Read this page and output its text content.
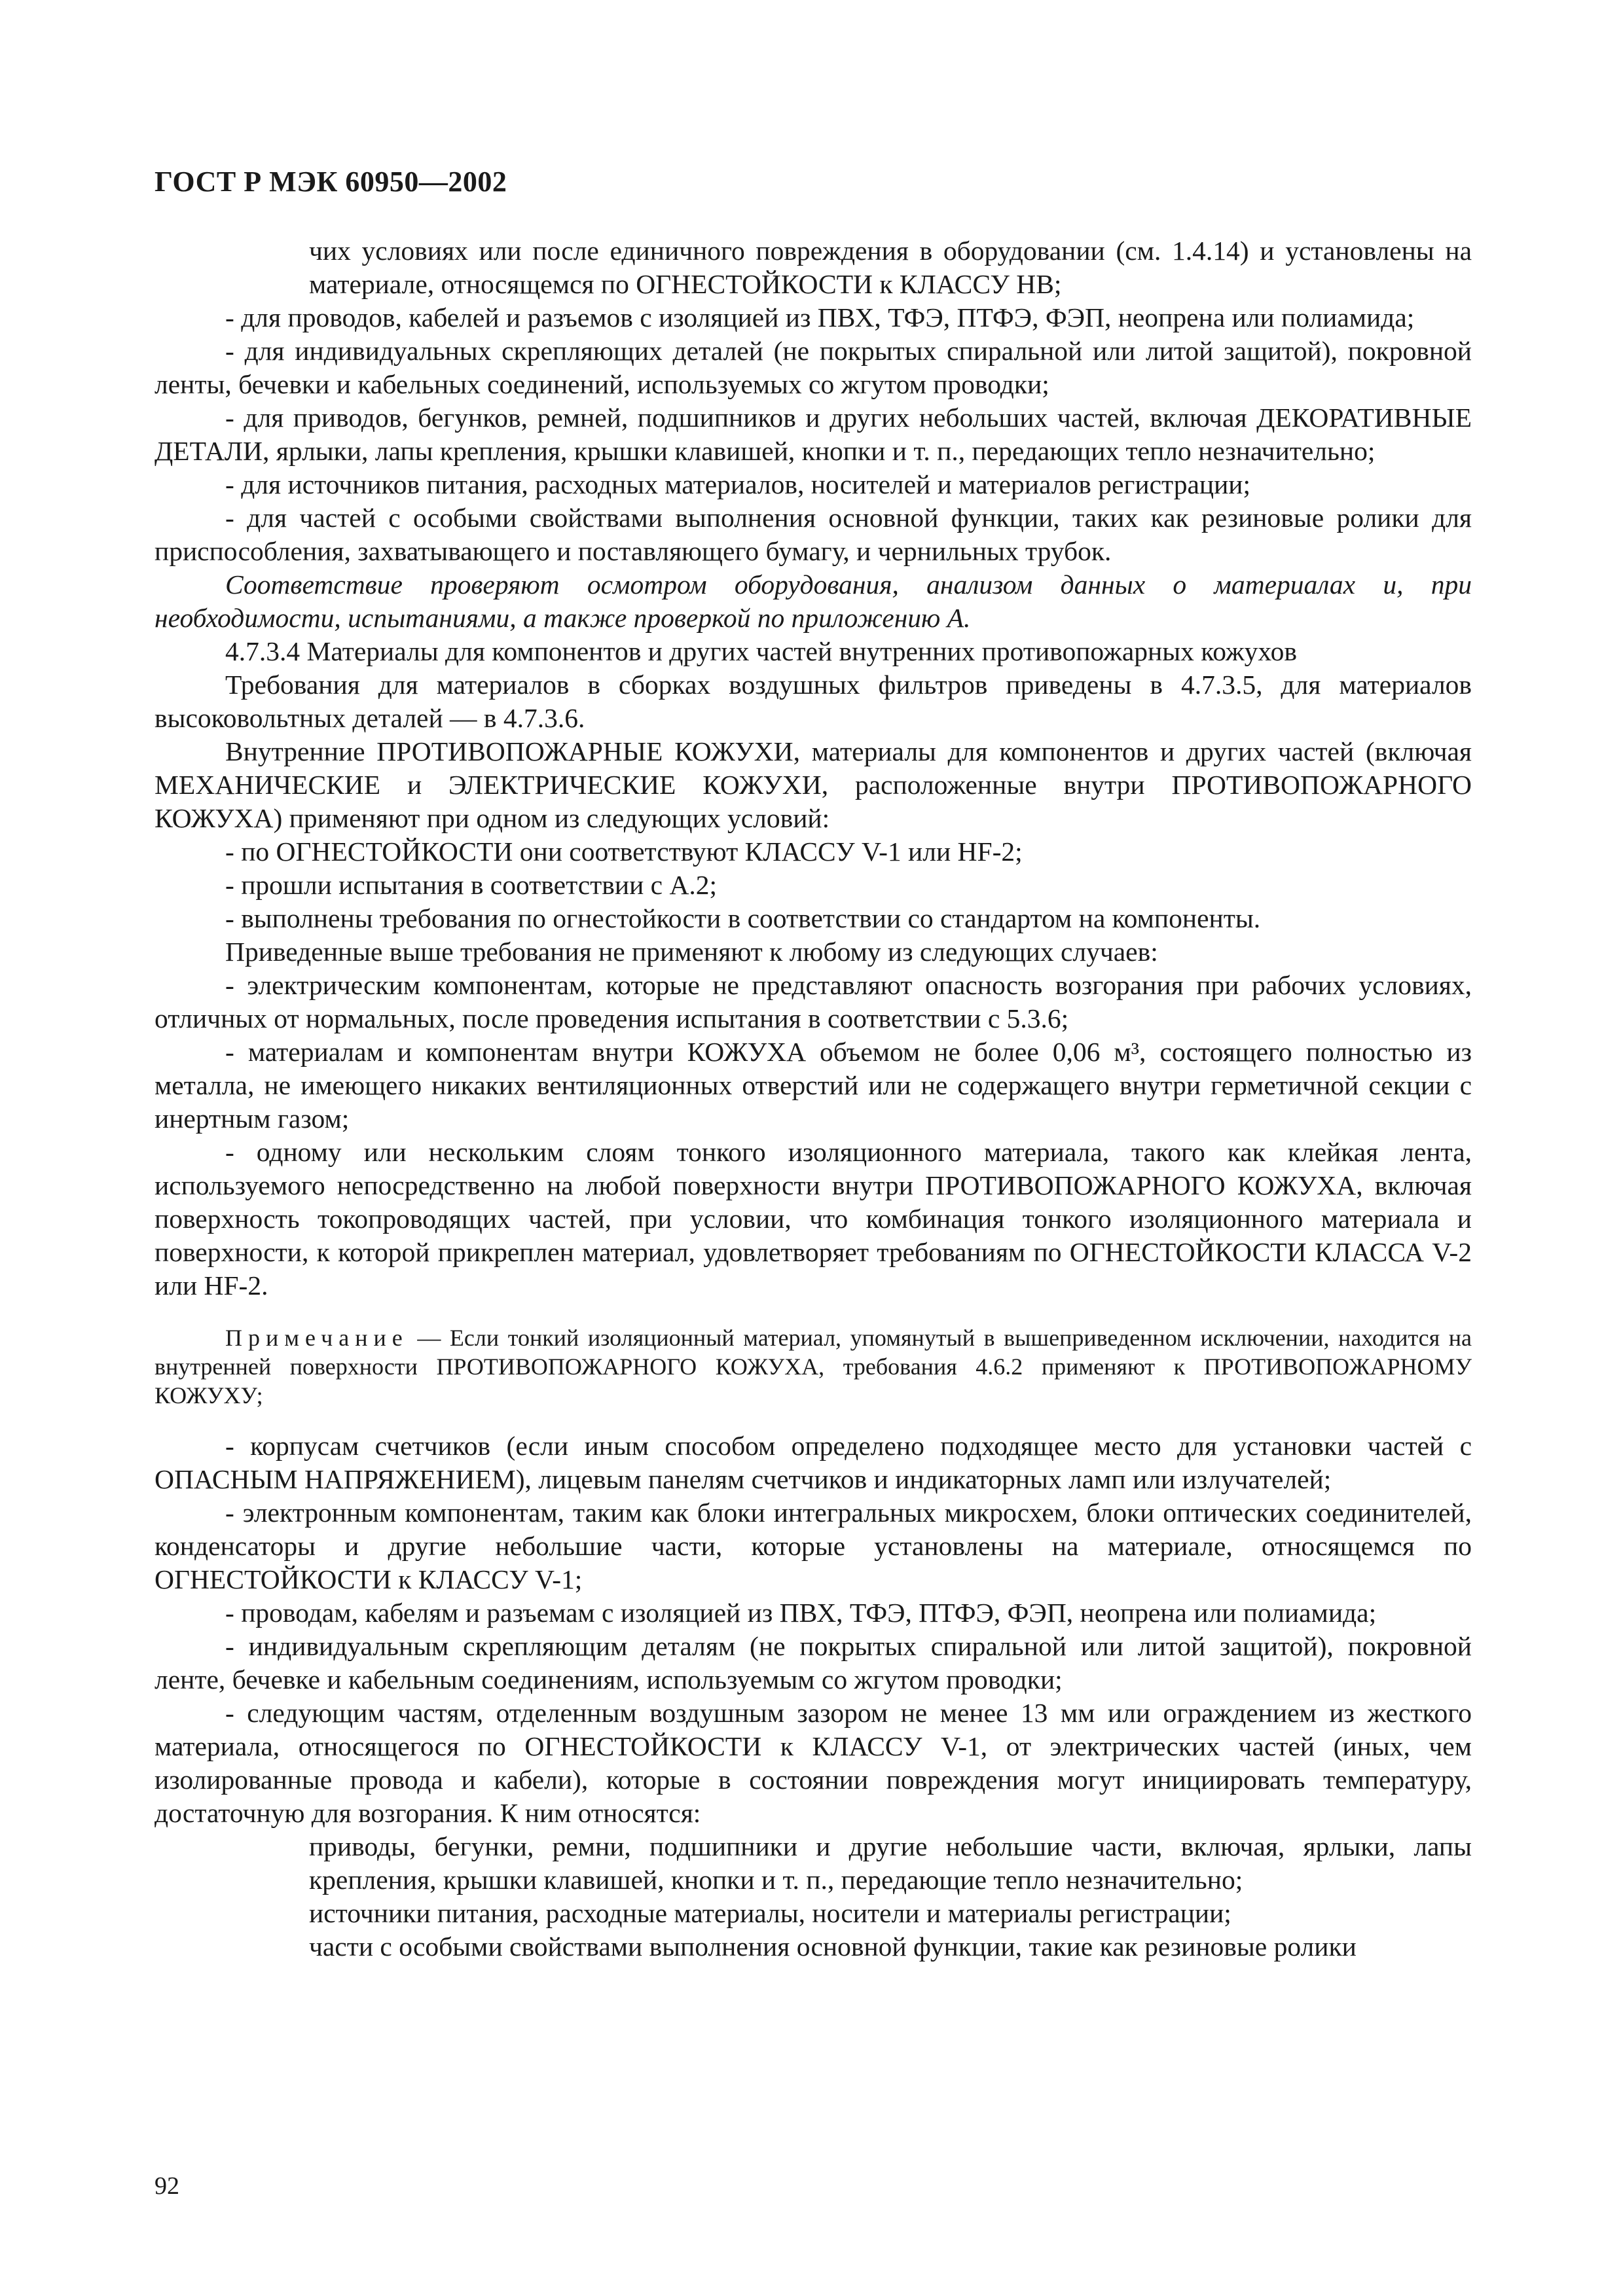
ГОСТ Р МЭК 60950—2002

чих условиях или после единичного повреждения в оборудовании (см. 1.4.14) и установлены на материале, относящемся по ОГНЕСТОЙКОСТИ к КЛАССУ НВ;

- для проводов, кабелей и разъемов с изоляцией из ПВХ, ТФЭ, ПТФЭ, ФЭП, неопрена или полиамида;

- для индивидуальных скрепляющих деталей (не покрытых спиральной или литой защитой), покровной ленты, бечевки и кабельных соединений, используемых со жгутом проводки;

- для приводов, бегунков, ремней, подшипников и других небольших частей, включая ДЕКОРАТИВНЫЕ ДЕТАЛИ, ярлыки, лапы крепления, крышки клавишей, кнопки и т. п., передающих тепло незначительно;

- для источников питания, расходных материалов, носителей и материалов регистрации;

- для частей с особыми свойствами выполнения основной функции, таких как резиновые ролики для приспособления, захватывающего и поставляющего бумагу, и чернильных трубок.

Соответствие проверяют осмотром оборудования, анализом данных о материалах и, при необходимости, испытаниями, а также проверкой по приложению А.

4.7.3.4 Материалы для компонентов и других частей внутренних противопожарных кожухов

Требования для материалов в сборках воздушных фильтров приведены в 4.7.3.5, для материалов высоковольтных деталей — в 4.7.3.6.

Внутренние ПРОТИВОПОЖАРНЫЕ КОЖУХИ, материалы для компонентов и других частей (включая МЕХАНИЧЕСКИЕ и ЭЛЕКТРИЧЕСКИЕ КОЖУХИ, расположенные внутри ПРОТИВОПОЖАРНОГО КОЖУХА) применяют при одном из следующих условий:

- по ОГНЕСТОЙКОСТИ они соответствуют КЛАССУ V-1 или HF-2;

- прошли испытания в соответствии с А.2;

- выполнены требования по огнестойкости в соответствии со стандартом на компоненты.

Приведенные выше требования не применяют к любому из следующих случаев:

- электрическим компонентам, которые не представляют опасность возгорания при рабочих условиях, отличных от нормальных, после проведения испытания в соответствии с 5.3.6;

- материалам и компонентам внутри КОЖУХА объемом не более 0,06 м³, состоящего полностью из металла, не имеющего никаких вентиляционных отверстий или не содержащего внутри герметичной секции с инертным газом;

- одному или нескольким слоям тонкого изоляционного материала, такого как клейкая лента, используемого непосредственно на любой поверхности внутри ПРОТИВОПОЖАРНОГО КОЖУХА, включая поверхность токопроводящих частей, при условии, что комбинация тонкого изоляционного материала и поверхности, к которой прикреплен материал, удовлетворяет требованиям по ОГНЕСТОЙКОСТИ КЛАССА V-2 или HF-2.

Примечание — Если тонкий изоляционный материал, упомянутый в вышеприведенном исключении, находится на внутренней поверхности ПРОТИВОПОЖАРНОГО КОЖУХА, требования 4.6.2 применяют к ПРОТИВОПОЖАРНОМУ КОЖУХУ;

- корпусам счетчиков (если иным способом определено подходящее место для установки частей с ОПАСНЫМ НАПРЯЖЕНИЕМ), лицевым панелям счетчиков и индикаторных ламп или излучателей;

- электронным компонентам, таким как блоки интегральных микросхем, блоки оптических соединителей, конденсаторы и другие небольшие части, которые установлены на материале, относящемся по ОГНЕСТОЙКОСТИ к КЛАССУ V-1;

- проводам, кабелям и разъемам с изоляцией из ПВХ, ТФЭ, ПТФЭ, ФЭП, неопрена или полиамида;

- индивидуальным скрепляющим деталям (не покрытых спиральной или литой защитой), покровной ленте, бечевке и кабельным соединениям, используемым со жгутом проводки;

- следующим частям, отделенным воздушным зазором не менее 13 мм или ограждением из жесткого материала, относящегося по ОГНЕСТОЙКОСТИ к КЛАССУ V-1, от электрических частей (иных, чем изолированные провода и кабели), которые в состоянии повреждения могут инициировать температуру, достаточную для возгорания. К ним относятся:

приводы, бегунки, ремни, подшипники и другие небольшие части, включая, ярлыки, лапы крепления, крышки клавишей, кнопки и т. п., передающие тепло незначительно;

источники питания, расходные материалы, носители и материалы регистрации;

части с особыми свойствами выполнения основной функции, такие как резиновые ролики

92
